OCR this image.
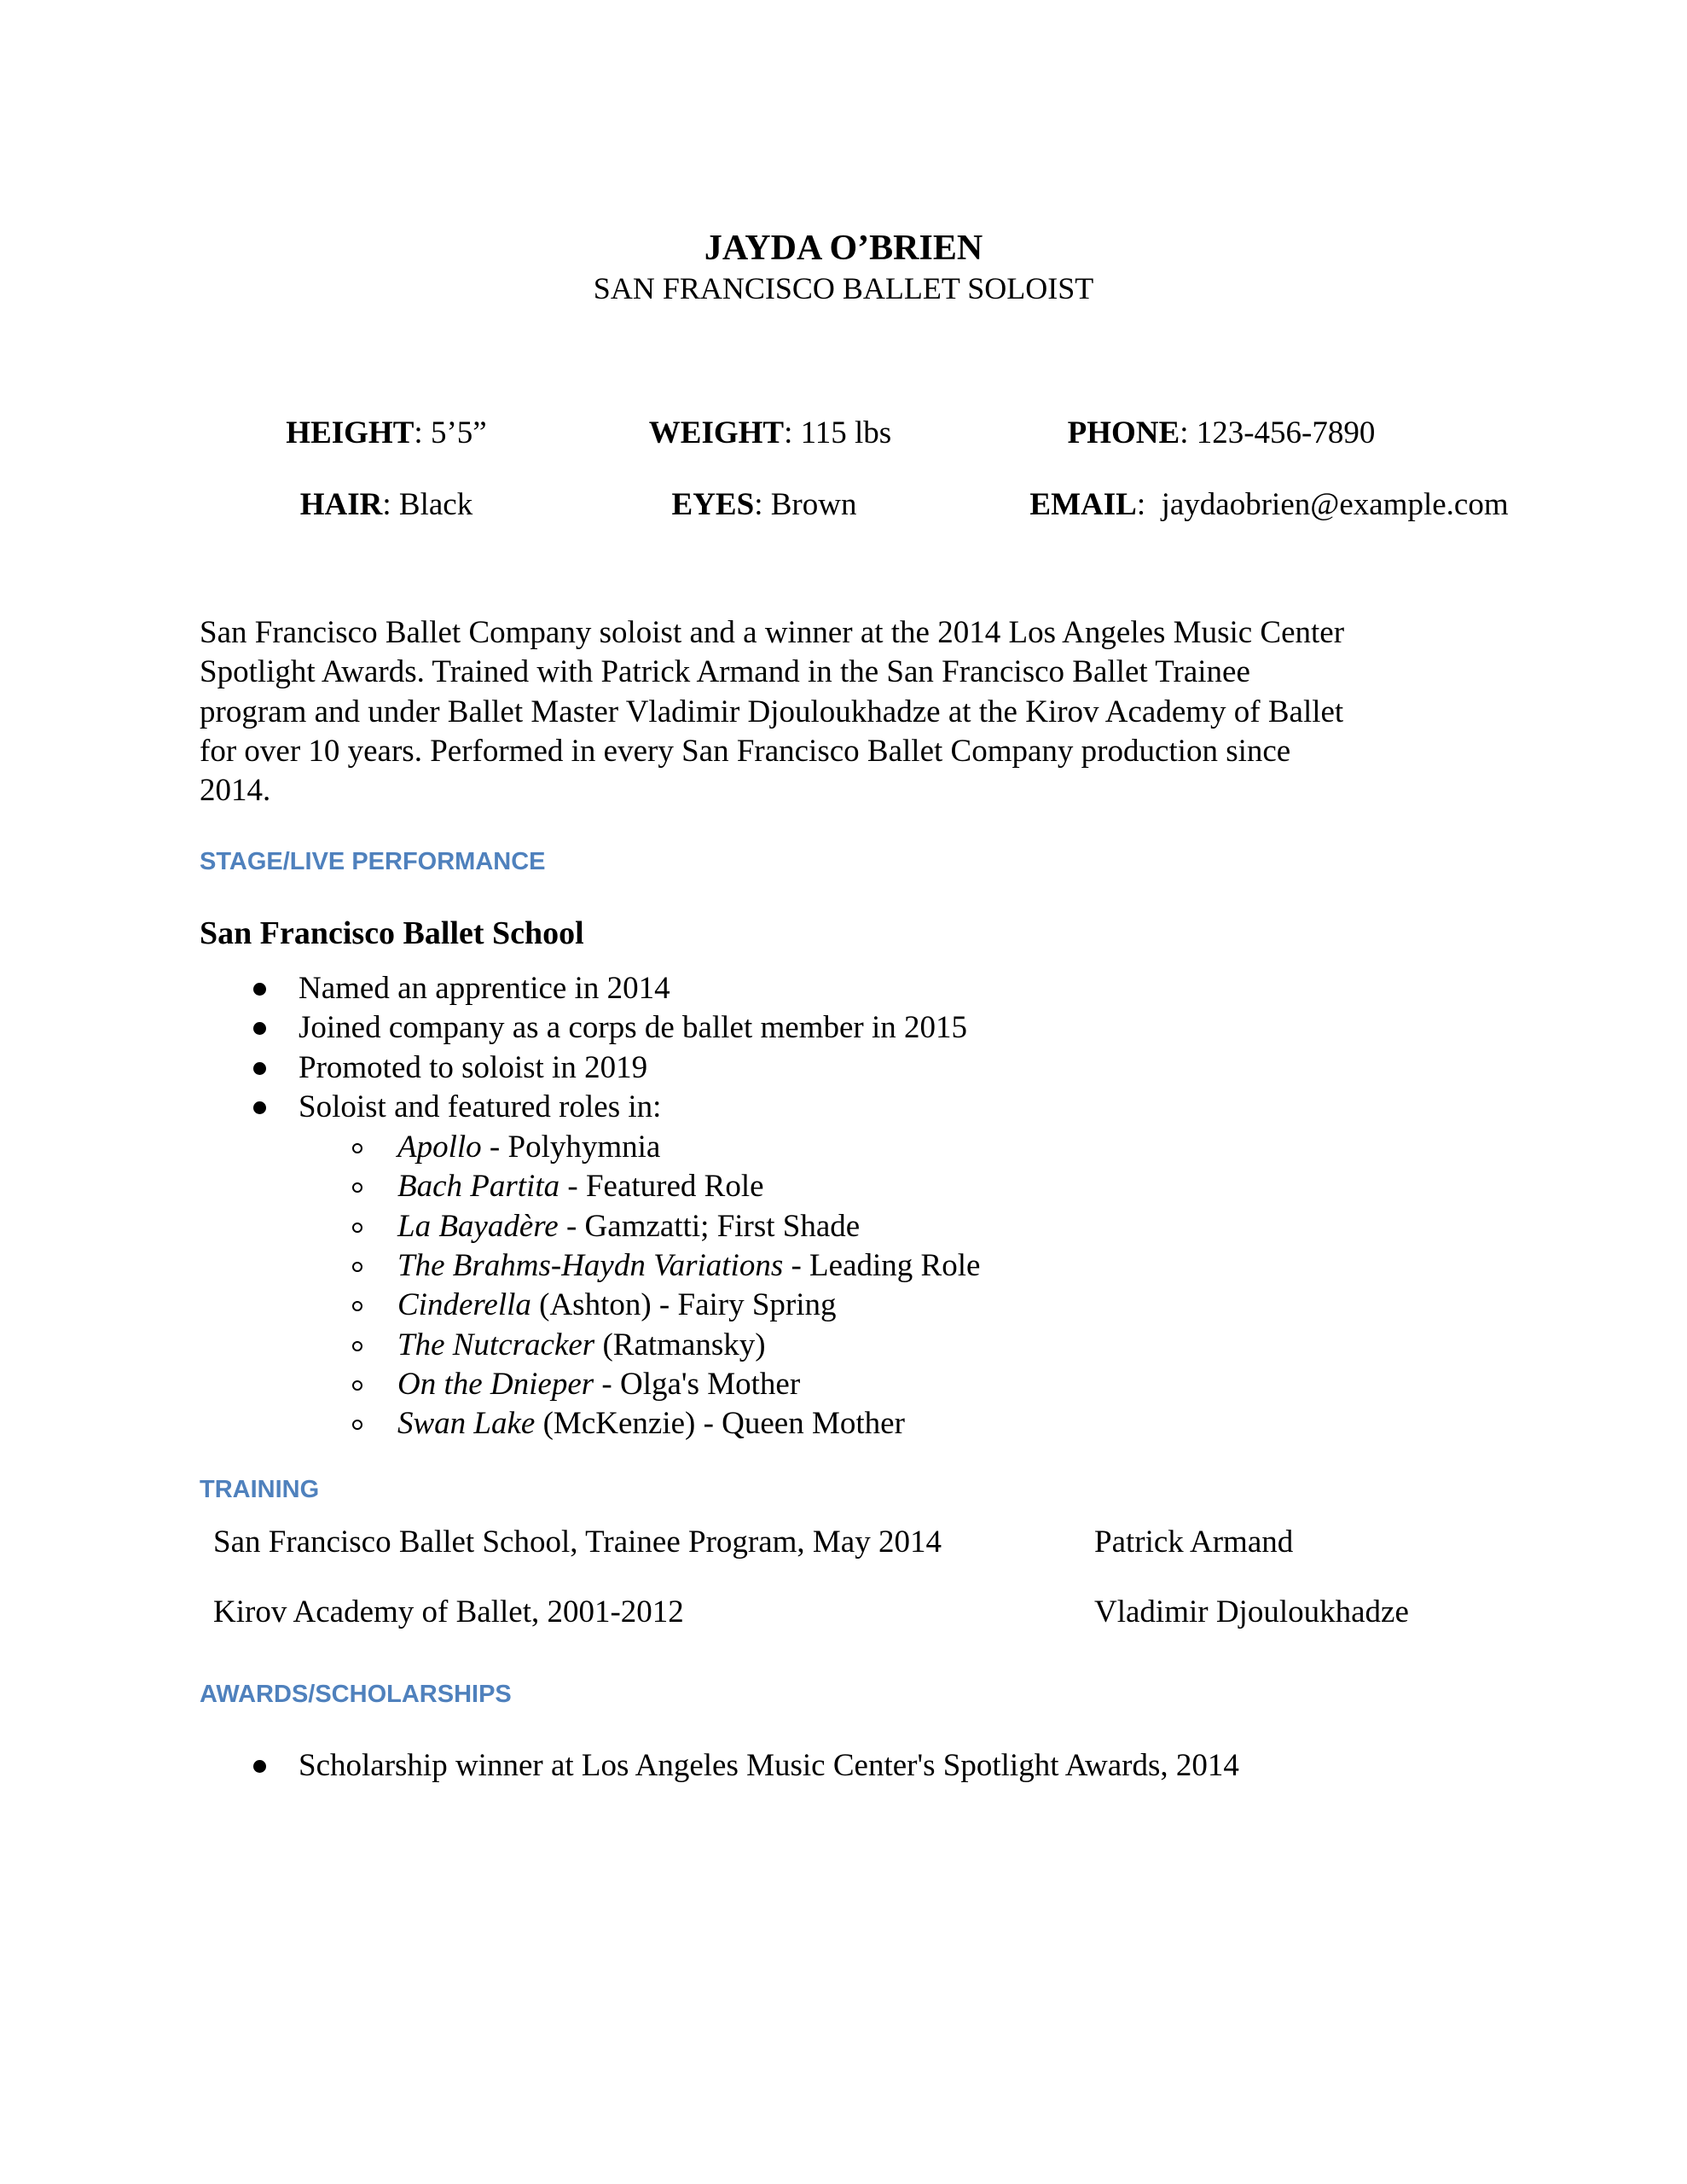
JAYDA O’BRIEN
SAN FRANCISCO BALLET SOLOIST
HEIGHT: 5’5”	WEIGHT: 115 lbs	PHONE: 123-456-7890
HAIR: Black	EYES: Brown	EMAIL:  jaydaobrien@example.com
San Francisco Ballet Company soloist and a winner at the 2014 Los Angeles Music Center
Spotlight Awards. Trained with Patrick Armand in the San Francisco Ballet Trainee
program and under Ballet Master Vladimir Djouloukhadze at the Kirov Academy of Ballet
for over 10 years. Performed in every San Francisco Ballet Company production since
2014.
STAGE/LIVE PERFORMANCE
San Francisco Ballet School
Named an apprentice in 2014
Joined company as a corps de ballet member in 2015
Promoted to soloist in 2019
Soloist and featured roles in:
Apollo - Polyhymnia
Bach Partita - Featured Role
La Bayadère - Gamzatti; First Shade
The Brahms-Haydn Variations - Leading Role
Cinderella (Ashton) - Fairy Spring
The Nutcracker (Ratmansky)
On the Dnieper - Olga's Mother
Swan Lake (McKenzie) - Queen Mother
TRAINING
San Francisco Ballet School, Trainee Program, May 2014	Patrick Armand
Kirov Academy of Ballet, 2001-2012	Vladimir Djouloukhadze
AWARDS/SCHOLARSHIPS
Scholarship winner at Los Angeles Music Center's Spotlight Awards, 2014
